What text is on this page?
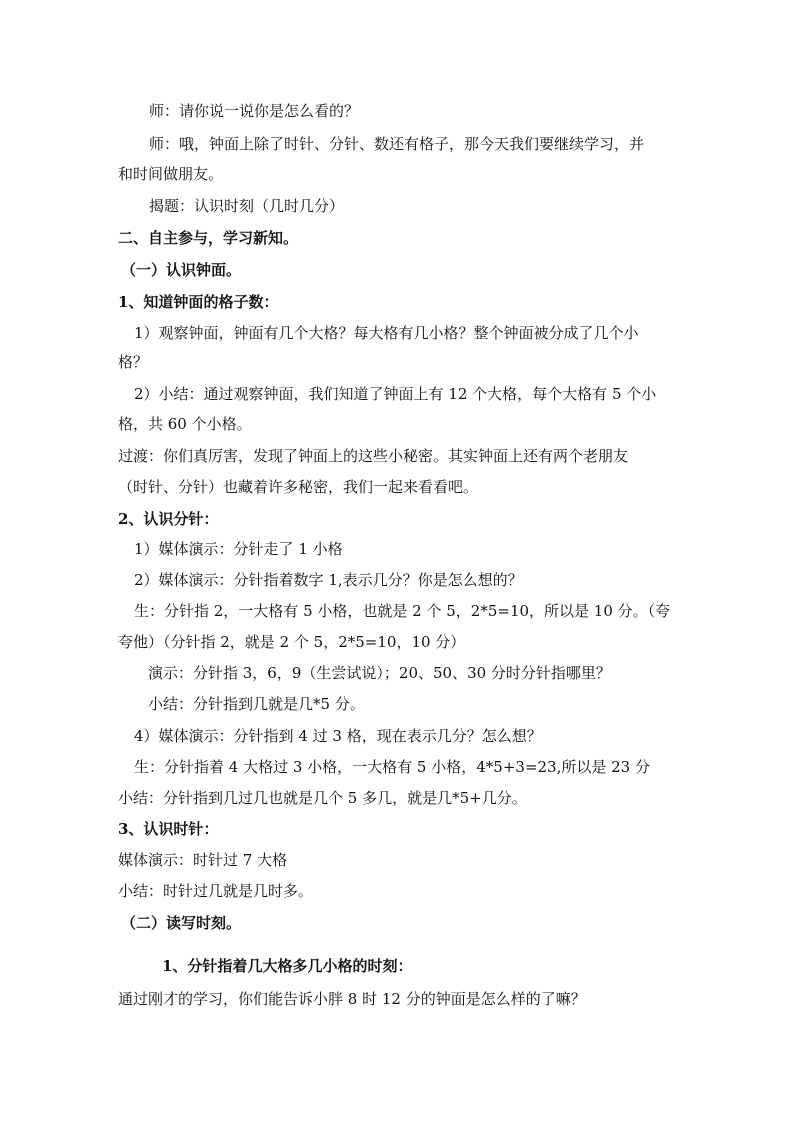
师：请你说一说你是怎么看的？
师：哦，钟面上除了时针、分针、数还有格子，那今天我们要继续学习，并
和时间做朋友。
揭题：认识时刻（几时几分）
二、自主参与，学习新知。
（一）认识钟面。
1、知道钟面的格子数：
1）观察钟面，钟面有几个大格？每大格有几小格？整个钟面被分成了几个小
格？
2）小结：通过观察钟面，我们知道了钟面上有 12 个大格，每个大格有 5 个小
格，共 60 个小格。
过渡：你们真厉害，发现了钟面上的这些小秘密。其实钟面上还有两个老朋友
（时针、分针）也藏着许多秘密，我们一起来看看吧。
2、认识分针：
1）媒体演示：分针走了 1 小格
2）媒体演示：分针指着数字 1,表示几分？你是怎么想的？
生：分针指 2，一大格有 5 小格，也就是 2 个 5，2*5=10，所以是 10 分。（夸
夸他）（分针指 2，就是 2 个 5，2*5=10，10 分）
演示：分针指 3，6，9（生尝试说）；20、50、30 分时分针指哪里？
小结：分针指到几就是几*5 分。
4）媒体演示：分针指到 4 过 3 格，现在表示几分？怎么想？
生：分针指着 4 大格过 3 小格，一大格有 5 小格，4*5+3=23,所以是 23 分
小结：分针指到几过几也就是几个 5 多几，就是几*5+几分。
3、认识时针：
媒体演示：时针过 7 大格
小结：时针过几就是几时多。
（二）读写时刻。
1、分针指着几大格多几小格的时刻：
通过刚才的学习，你们能告诉小胖 8 时 12 分的钟面是怎么样的了嘛？
